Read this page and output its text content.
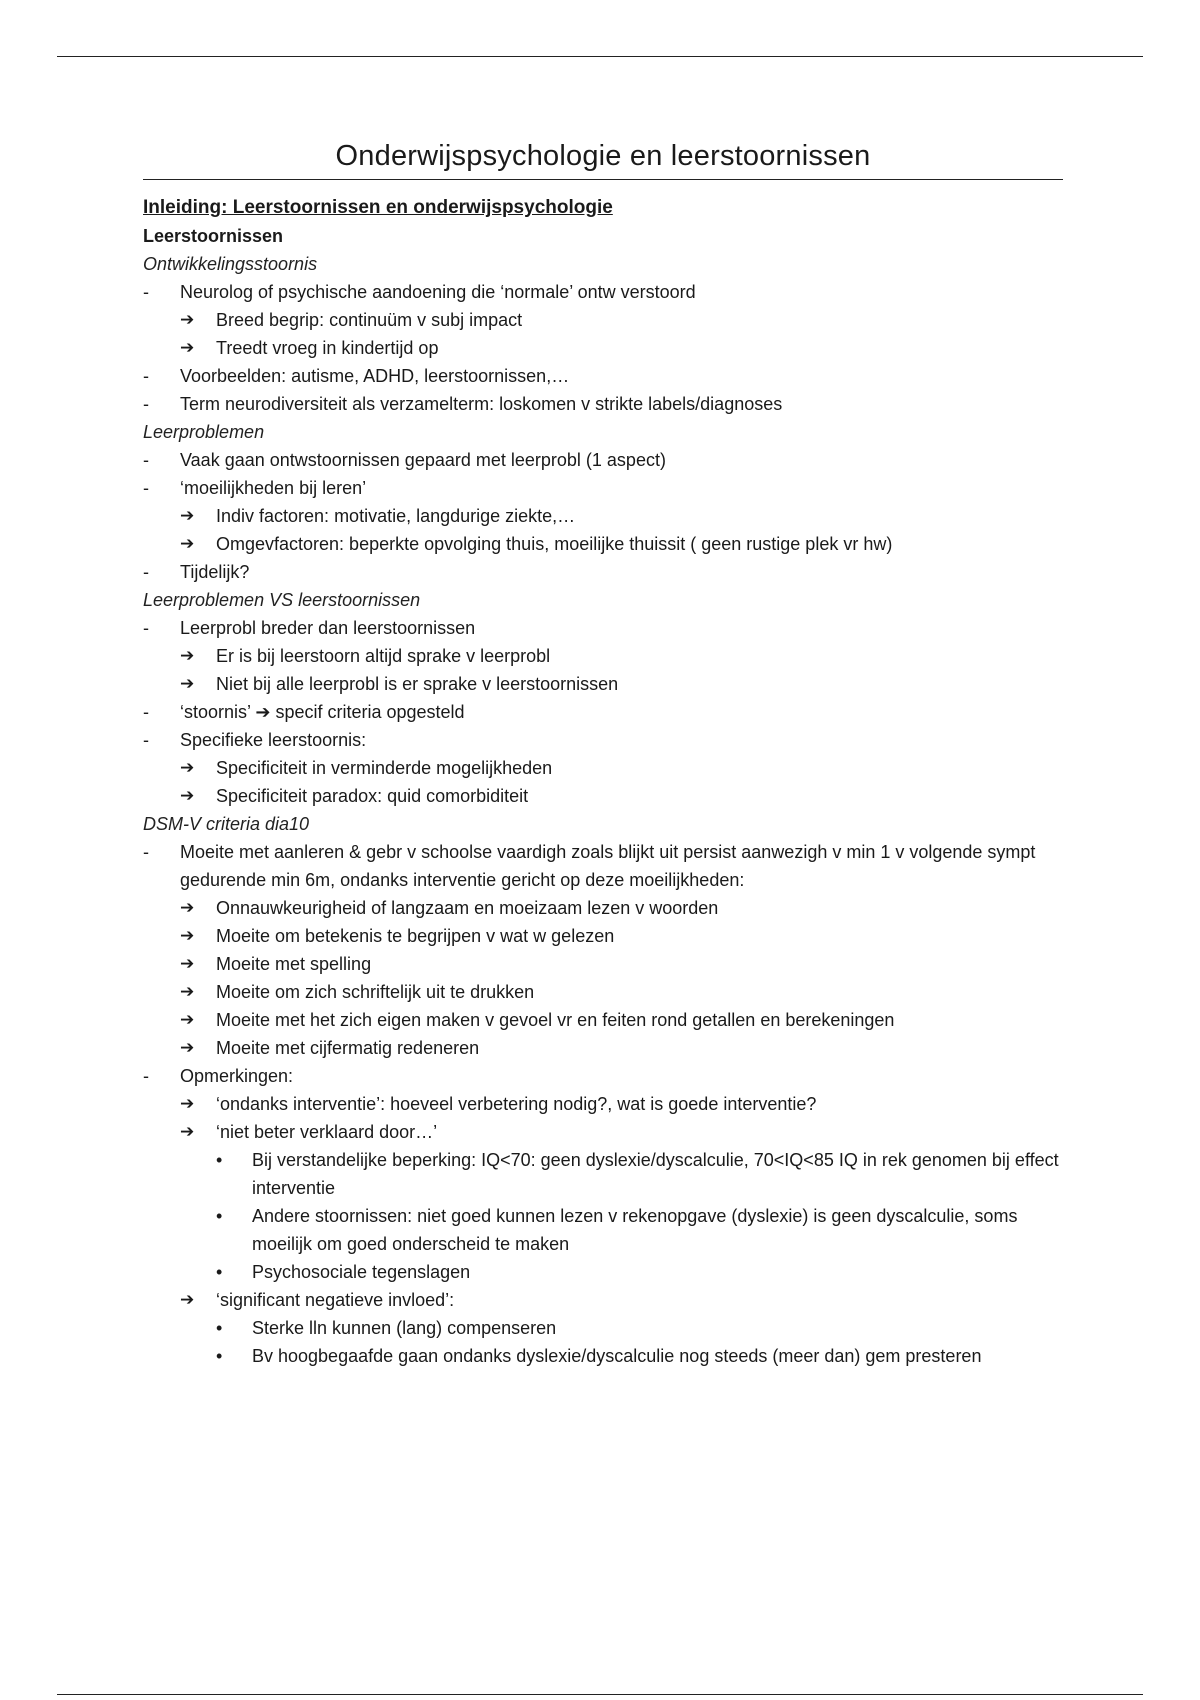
Onderwijspsychologie en leerstoornissen
Inleiding: Leerstoornissen en onderwijspsychologie
Leerstoornissen
Ontwikkelingsstoornis
- Neurolog of psychische aandoening die ‘normale’ ontw verstoord
➔ Breed begrip: continuüm v subj impact
➔ Treedt vroeg in kindertijd op
- Voorbeelden: autisme, ADHD, leerstoornissen,…
- Term neurodiversiteit als verzamelterm: loskomen v strikte labels/diagnoses
Leerproblemen
- Vaak gaan ontwstoornissen gepaard met leerprobl (1 aspect)
- ‘moeilijkheden bij leren’
➔ Indiv factoren: motivatie, langdurige ziekte,…
➔ Omgevfactoren: beperkte opvolging thuis, moeilijke thuissit ( geen rustige plek vr hw)
- Tijdelijk?
Leerproblemen VS leerstoornissen
- Leerprobl breder dan leerstoornissen
➔ Er is bij leerstoorn altijd sprake v leerprobl
➔ Niet bij alle leerprobl is er sprake v leerstoornissen
- ‘stoornis’ ➔ specif criteria opgesteld
- Specifieke leerstoornis:
➔ Specificiteit in verminderde mogelijkheden
➔ Specificiteit paradox: quid comorbiditeit
DSM-V criteria dia10
- Moeite met aanleren & gebr v schoolse vaardigh zoals blijkt uit persist aanwezigh v min 1 v volgende sympt gedurende min 6m, ondanks interventie gericht op deze moeilijkheden:
➔ Onnauwkeurigheid of langzaam en moeizaam lezen v woorden
➔ Moeite om betekenis te begrijpen v wat w gelezen
➔ Moeite met spelling
➔ Moeite om zich schriftelijk uit te drukken
➔ Moeite met het zich eigen maken v gevoel vr en feiten rond getallen en berekeningen
➔ Moeite met cijfermatig redeneren
- Opmerkingen:
➔ ‘ondanks interventie’: hoeveel verbetering nodig?, wat is goede interventie?
➔ ‘niet beter verklaard door…’
• Bij verstandelijke beperking: IQ<70: geen dyslexie/dyscalculie, 70<IQ<85 IQ in rek genomen bij effect interventie
• Andere stoornissen: niet goed kunnen lezen v rekenopgave (dyslexie) is geen dyscalculie, soms moeilijk om goed onderscheid te maken
• Psychosociale tegenslagen
➔ ‘significant negatieve invloed’:
• Sterke lln kunnen (lang) compenseren
• Bv hoogbegaafde gaan ondanks dyslexie/dyscalculie nog steeds (meer dan) gem presteren
